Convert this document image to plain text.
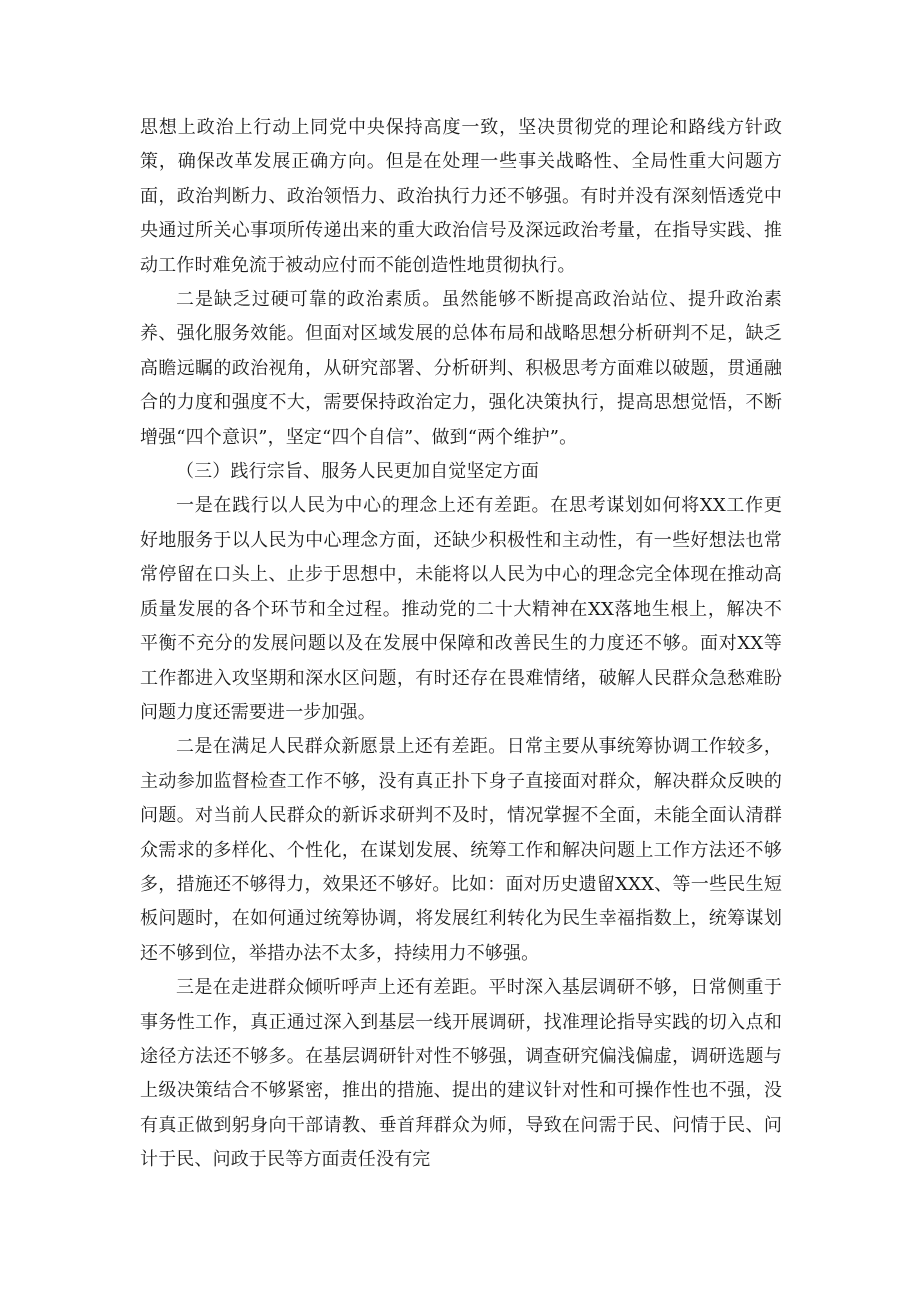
思想上政治上行动上同党中央保持高度一致，坚决贯彻党的理论和路线方针政策，确保改革发展正确方向。但是在处理一些事关战略性、全局性重大问题方面，政治判断力、政治领悟力、政治执行力还不够强。有时并没有深刻悟透党中央通过所关心事项所传递出来的重大政治信号及深远政治考量，在指导实践、推动工作时难免流于被动应付而不能创造性地贯彻执行。

二是缺乏过硬可靠的政治素质。虽然能够不断提高政治站位、提升政治素养、强化服务效能。但面对区域发展的总体布局和战略思想分析研判不足，缺乏高瞻远瞩的政治视角，从研究部署、分析研判、积极思考方面难以破题，贯通融合的力度和强度不大，需要保持政治定力，强化决策执行，提高思想觉悟，不断增强“四个意识”，坚定“四个自信”、做到“两个维护”。

（三）践行宗旨、服务人民更加自觉坚定方面

一是在践行以人民为中心的理念上还有差距。在思考谋划如何将XX工作更好地服务于以人民为中心理念方面，还缺少积极性和主动性，有一些好想法也常常停留在口头上、止步于思想中，未能将以人民为中心的理念完全体现在推动高质量发展的各个环节和全过程。推动党的二十大精神在XX落地生根上，解决不平衡不充分的发展问题以及在发展中保障和改善民生的力度还不够。面对XX等工作都进入攻坚期和深水区问题，有时还存在畏难情绪，破解人民群众急愁难盼问题力度还需要进一步加强。

二是在满足人民群众新愿景上还有差距。日常主要从事统筹协调工作较多，主动参加监督检查工作不够，没有真正扑下身子直接面对群众，解决群众反映的问题。对当前人民群众的新诉求研判不及时，情况掌握不全面，未能全面认清群众需求的多样化、个性化，在谋划发展、统筹工作和解决问题上工作方法还不够多，措施还不够得力，效果还不够好。比如：面对历史遗留XXX、等一些民生短板问题时，在如何通过统筹协调，将发展红利转化为民生幸福指数上，统筹谋划还不够到位，举措办法不太多，持续用力不够强。

三是在走进群众倾听呼声上还有差距。平时深入基层调研不够，日常侧重于事务性工作，真正通过深入到基层一线开展调研，找准理论指导实践的切入点和途径方法还不够多。在基层调研针对性不够强，调查研究偏浅偏虚，调研选题与上级决策结合不够紧密，推出的措施、提出的建议针对性和可操作性也不强，没有真正做到躬身向干部请教、垂首拜群众为师，导致在问需于民、问情于民、问计于民、问政于民等方面责任没有完
